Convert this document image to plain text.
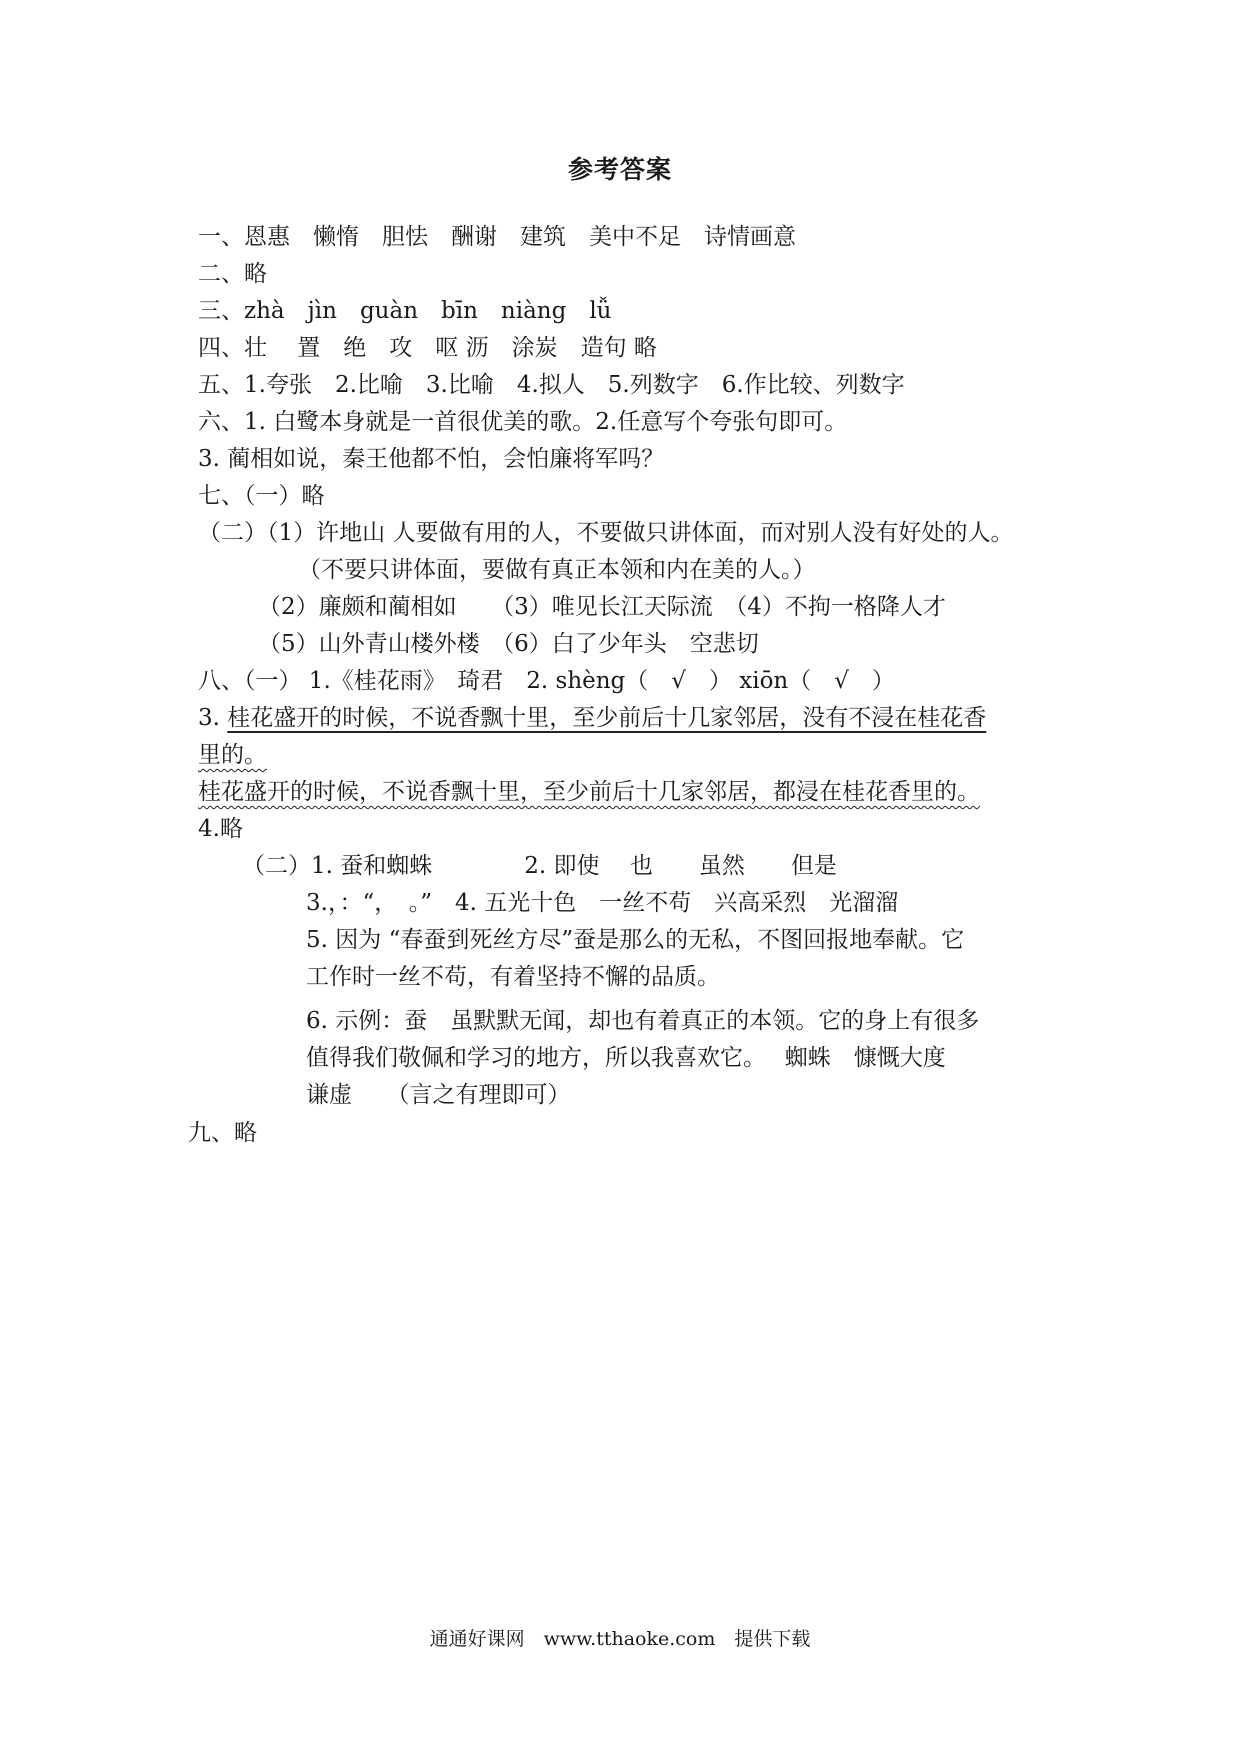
参考答案
一、恩惠　懒惰　胆怯　酬谢　建筑　美中不足　诗情画意
二、略
三、zhà　jìn　guàn　bīn　niàng　lǚ
四、壮　 置　绝　攻　呕 沥　涂炭　造句 略
五、1.夸张　2.比喻　3.比喻　4.拟人　5.列数字　6.作比较、列数字
六、1. 白鹭本身就是一首很优美的歌。2.任意写个夸张句即可。
3. 蔺相如说，秦王他都不怕，会怕廉将军吗？
七、（一）略
（二）（1）许地山 人要做有用的人，不要做只讲体面，而对别人没有好处的人。
（不要只讲体面，要做有真正本领和内在美的人。）
（2）廉颇和蔺相如　　（3）唯见长江天际流　（4）不拘一格降人才
（5）山外青山楼外楼　（6）白了少年头　空悲切
八、（一） 1.《桂花雨》　琦君　2. shèng（　√　） xiōn（　√　）
3. 桂花盛开的时候，不说香飘十里，至少前后十几家邻居，没有不浸在桂花香
里的。
桂花盛开的时候，不说香飘十里，至少前后十几家邻居，都浸在桂花香里的。
4.略
（二）1. 蚕和蜘蛛　　　　2. 即使　 也　　虽然　　但是
3.，：“，　。”　4. 五光十色　一丝不苟　兴高采烈　光溜溜
5. 因为 “春蚕到死丝方尽”蚕是那么的无私，不图回报地奉献。它
工作时一丝不苟，有着坚持不懈的品质。
6. 示例：蚕　虽默默无闻，却也有着真正的本领。它的身上有很多
值得我们敬佩和学习的地方，所以我喜欢它。　 蜘蛛　慷慨大度
谦虚　　（言之有理即可）
九、略
通通好课网　www.tthaoke.com　提供下载
